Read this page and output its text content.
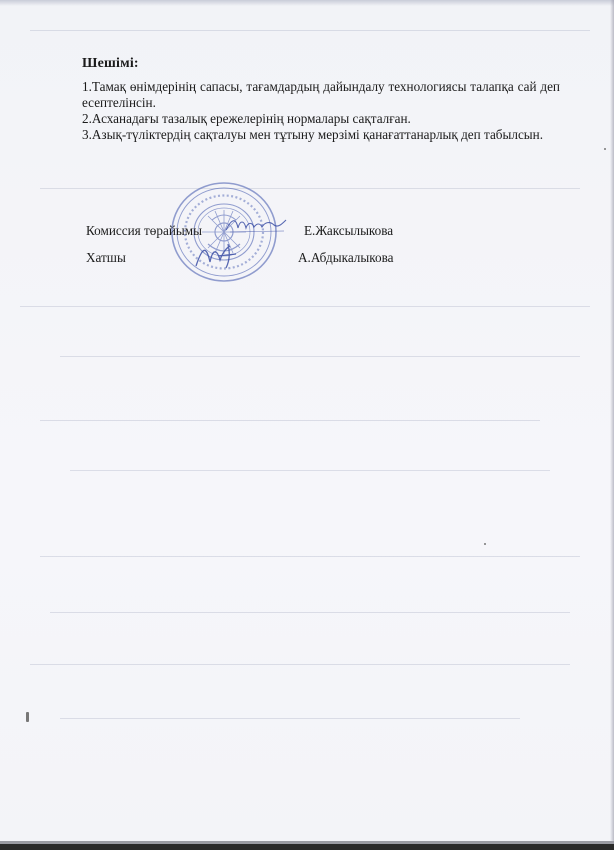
Шешімі:

1.Тамақ өнімдерінің сапасы, тағамдардың дайындалу технологиясы талапқа сай деп есептелінсін.

2.Асханадағы тазалық ережелерінің нормалары сақталған.

3.Азық-түліктердің сақталуы мен тұтыну мерзімі қанағаттанарлық деп табылсын.

Комиссия төрайымы	Е.Жаксылыкова
Хатшы	А.Абдыкалыкова
